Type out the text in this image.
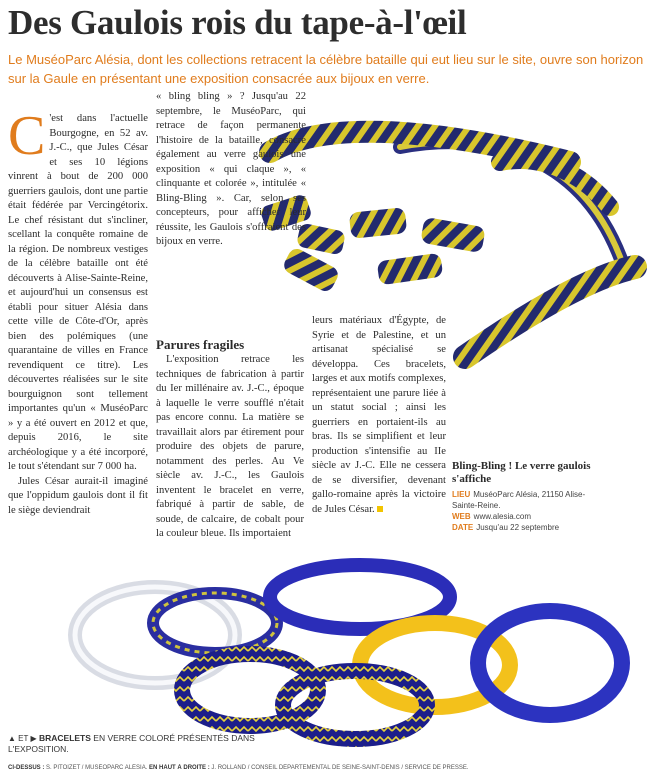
Des Gaulois rois du tape-à-l'œil

Le MuséoParc Alésia, dont les collections retracent la célèbre bataille qui eut lieu sur le site, ouvre son horizon sur la Gaule en présentant une exposition consacrée aux bijoux en verre.

C 'est dans l'actuelle Bourgogne, en 52 av. J.-C., que Jules César et ses 10 légions vinrent à bout de 200 000 guerriers gaulois, dont une partie était fédérée par Vercingétorix. Le chef résistant dut s'incliner, scellant la conquête romaine de la région. De nombreux vestiges de la célèbre bataille ont été découverts à Alise-Sainte-Reine, et aujourd'hui un consensus est établi pour situer Alésia dans cette ville de Côte-d'Or, après bien des polémiques (une quarantaine de villes en France revendiquent ce titre). Les découvertes réalisées sur le site bourguignon sont tellement importantes qu'un « MuséoParc » y a été ouvert en 2012 et que, depuis 2016, le site archéologique y a été incorporé, le tout s'étendant sur 7 000 ha.

Jules César aurait-il imaginé que l'oppidum gaulois dont il fit le siège deviendrait

« bling bling » ? Jusqu'au 22 septembre, le MuséoParc, qui retrace de façon permanente l'histoire de la bataille, consacre également au verre gaulois une exposition « qui claque », « clinquante et colorée », intitulée « Bling-Bling ». Car, selon ses concepteurs, pour afficher leur réussite, les Gaulois s'offraient des bijoux en verre.

Parures fragiles

L'exposition retrace les techniques de fabrication à partir du Ier millénaire av. J.-C., époque à laquelle le verre soufflé n'était pas encore connu. La matière se travaillait alors par étirement pour produire des objets de parure, notamment des perles. Au Ve siècle av. J.-C., les Gaulois inventent le bracelet en verre, fabriqué à partir de sable, de soude, de calcaire, de cobalt pour la couleur bleue. Ils importaient

leurs matériaux d'Égypte, de Syrie et de Palestine, et un artisanat spécialisé se développa. Ces bracelets, larges et aux motifs complexes, représentaient une parure liée à un statut social ; ainsi les guerriers en portaient-ils au bras. Ils se simplifient et leur production s'intensifie au IIe siècle av J.-C. Elle ne cessera de se diversifier, devenant gallo-romaine après la victoire de Jules César.

Bling-Bling ! Le verre gaulois s'affiche
LIEU MuséoParc Alésia, 21150 Alise-Sainte-Reine.
WEB www.alesia.com
DATE Jusqu'au 22 septembre
▲ ET ▶ BRACELETS EN VERRE COLORÉ PRÉSENTÉS DANS L'EXPOSITION.
CI-DESSUS : S. PITOIZET / MUSÉOPARC ALÉSIA. EN HAUT À DROITE : J. ROLLAND / CONSEIL DÉPARTEMENTAL DE SEINE-SAINT-DENIS / SERVICE DE PRESSE.
